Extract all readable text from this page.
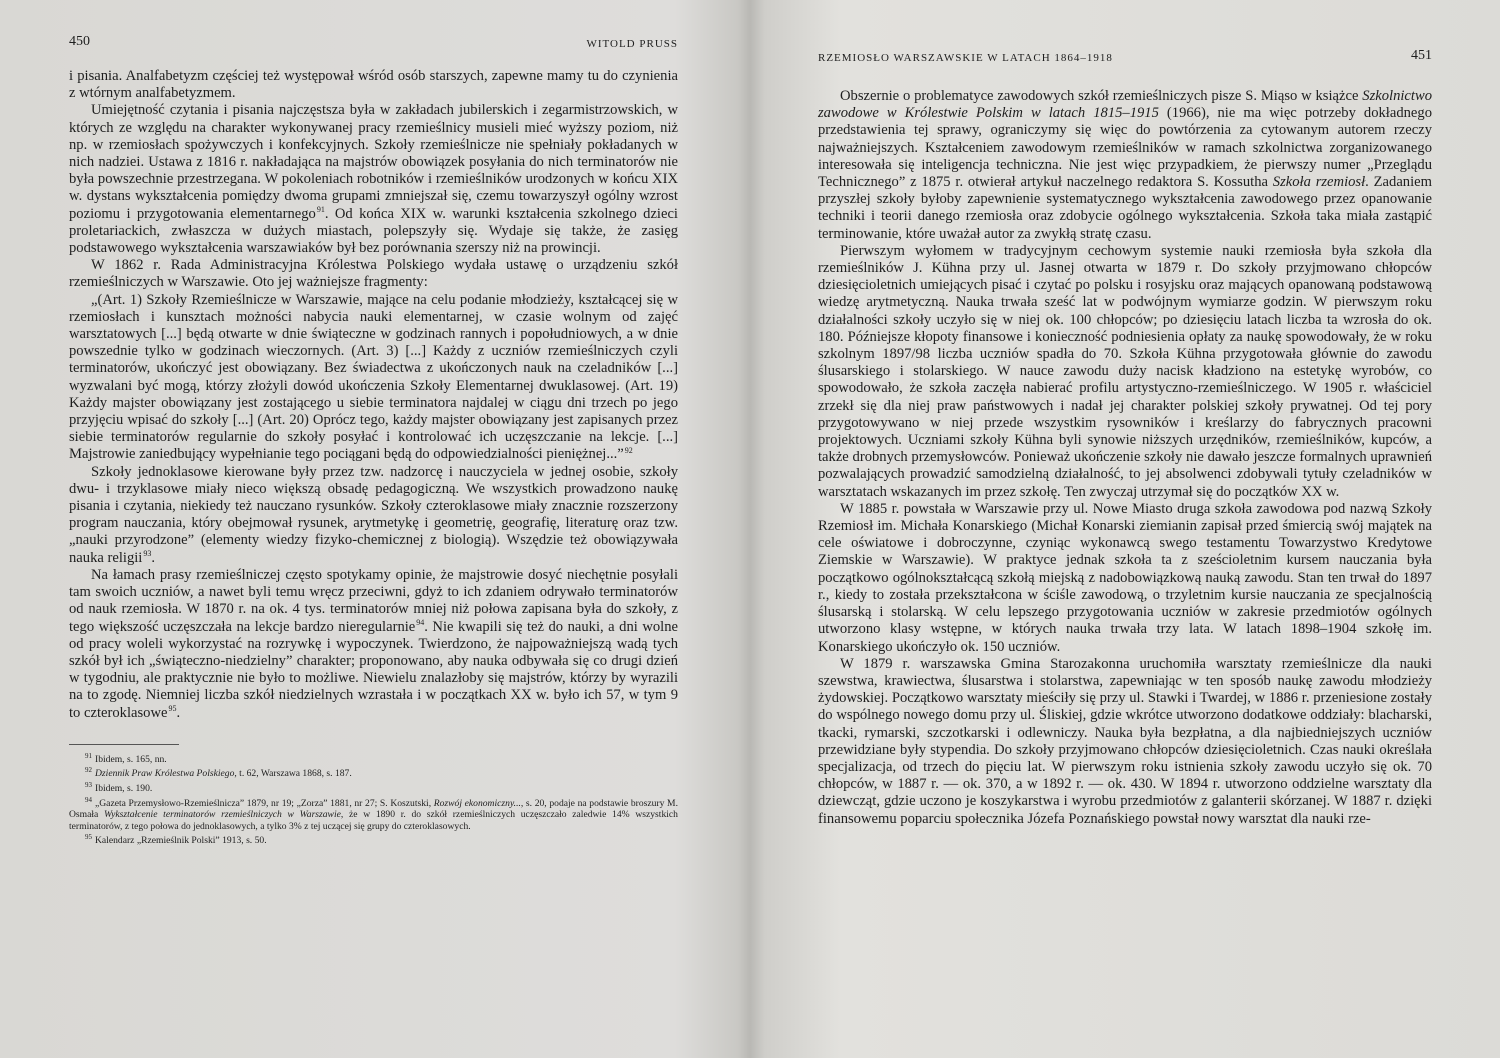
450	WITOLD PRUSS

i pisania. Analfabetyzm częściej też występował wśród osób starszych, zapewne mamy tu do czynienia z wtórnym analfabetyzmem.

Umiejętność czytania i pisania najczęstsza była w zakładach jubilerskich i zegarmistrzowskich, w których ze względu na charakter wykonywanej pracy rzemieślnicy musieli mieć wyższy poziom, niż np. w rzemiosłach spożywczych i konfekcyjnych. Szkoły rzemieślnicze nie spełniały pokładanych w nich nadziei. Ustawa z 1816 r. nakładająca na majstrów obowiązek posyłania do nich terminatorów nie była powszechnie przestrzegana. W pokoleniach robotników i rzemieślników urodzonych w końcu XIX w. dystans wykształcenia pomiędzy dwoma grupami zmniejszał się, czemu towarzyszył ogólny wzrost poziomu i przygotowania elementarnego$^{91}$. Od końca XIX w. warunki kształcenia szkolnego dzieci proletariackich, zwłaszcza w dużych miastach, polepszyły się. Wydaje się także, że zasięg podstawowego wykształcenia warszawiaków był bez porównania szerszy niż na prowincji.

W 1862 r. Rada Administracyjna Królestwa Polskiego wydała ustawę o urządzeniu szkół rzemieślniczych w Warszawie. Oto jej ważniejsze fragmenty:

„(Art. 1) Szkoły Rzemieślnicze w Warszawie, mające na celu podanie młodzieży, kształcącej się w rzemiosłach i kunsztach możności nabycia nauki elementarnej, w czasie wolnym od zajęć warsztatowych [...] będą otwarte w dnie świąteczne w godzinach rannych i popołudniowych, a w dnie powszednie tylko w godzinach wieczornych. (Art. 3) [...] Każdy z uczniów rzemieślniczych czyli terminatorów, ukończyć jest obowiązany. Bez świadectwa z ukończonych nauk na czeladników [...] wyzwalani być mogą, którzy złożyli dowód ukończenia Szkoły Elementarnej dwuklasowej. (Art. 19) Każdy majster obowiązany jest zostającego u siebie terminatora najdalej w ciągu dni trzech po jego przyjęciu wpisać do szkoły [...] (Art. 20) Oprócz tego, każdy majster obowiązany jest zapisanych przez siebie terminatorów regularnie do szkoły posyłać i kontrolować ich uczęszczanie na lekcje. [...] Majstrowie zaniedbujący wypełnianie tego pociągani będą do odpowiedzialności pieniężnej...”$^{92}$

Szkoły jednoklasowe kierowane były przez tzw. nadzorcę i nauczyciela w jednej osobie, szkoły dwu- i trzyklasowe miały nieco większą obsadę pedagogiczną. We wszystkich prowadzono naukę pisania i czytania, niekiedy też nauczano rysunków. Szkoły czteroklasowe miały znacznie rozszerzony program nauczania, który obejmował rysunek, arytmetykę i geometrię, geografię, literaturę oraz tzw. „nauki przyrodzone” (elementy wiedzy fizyko-chemicznej z biologią). Wszędzie też obowiązywała nauka religii$^{93}$.

Na łamach prasy rzemieślniczej często spotykamy opinie, że majstrowie dosyć niechętnie posyłali tam swoich uczniów, a nawet byli temu wręcz przeciwni, gdyż to ich zdaniem odrywało terminatorów od nauk rzemiosła. W 1870 r. na ok. 4 tys. terminatorów mniej niż połowa zapisana była do szkoły, z tego większość uczęszczała na lekcje bardzo nieregularnie$^{94}$. Nie kwapili się też do nauki, a dni wolne od pracy woleli wykorzystać na rozrywkę i wypoczynek. Twierdzono, że najpoważniejszą wadą tych szkół był ich „świąteczno-niedzielny” charakter; proponowano, aby nauka odbywała się co drugi dzień w tygodniu, ale praktycznie nie było to możliwe. Niewielu znalazłoby się majstrów, którzy by wyrazili na to zgodę. Niemniej liczba szkół niedzielnych wzrastała i w początkach XX w. było ich 57, w tym 9 to czteroklasowe$^{95}$.

$^{91}$ Ibidem, s. 165, nn.

$^{92}$ Dziennik Praw Królestwa Polskiego, t. 62, Warszawa 1868, s. 187.

$^{93}$ Ibidem, s. 190.

$^{94}$ „Gazeta Przemysłowo-Rzemieślnicza” 1879, nr 19; „Zorza” 1881, nr 27; S. Koszutski, Rozwój ekonomiczny..., s. 20, podaje na podstawie broszury M. Osmała Wykształcenie terminatorów rzemieślniczych w Warszawie, że w 1890 r. do szkół rzemieślniczych uczęszczało zaledwie 14% wszystkich terminatorów, z tego połowa do jednoklasowych, a tylko 3% z tej uczącej się grupy do czteroklasowych.

$^{95}$ Kalendarz „Rzemieślnik Polski” 1913, s. 50.

RZEMIOSŁO WARSZAWSKIE W LATACH 1864–1918	451

Obszernie o problematyce zawodowych szkół rzemieślniczych pisze S. Miąso w książce Szkolnictwo zawodowe w Królestwie Polskim w latach 1815–1915 (1966), nie ma więc potrzeby dokładnego przedstawienia tej sprawy, ograniczymy się więc do powtórzenia za cytowanym autorem rzeczy najważniejszych. Kształceniem zawodowym rzemieślników w ramach szkolnictwa zorganizowanego interesowała się inteligencja techniczna. Nie jest więc przypadkiem, że pierwszy numer „Przeglądu Technicznego” z 1875 r. otwierał artykuł naczelnego redaktora S. Kossutha Szkoła rzemiosł. Zadaniem przyszłej szkoły byłoby zapewnienie systematycznego wykształcenia zawodowego przez opanowanie techniki i teorii danego rzemiosła oraz zdobycie ogólnego wykształcenia. Szkoła taka miała zastąpić terminowanie, które uważał autor za zwykłą stratę czasu.

Pierwszym wyłomem w tradycyjnym cechowym systemie nauki rzemiosła była szkoła dla rzemieślników J. Kühna przy ul. Jasnej otwarta w 1879 r. Do szkoły przyjmowano chłopców dziesięcioletnich umiejących pisać i czytać po polsku i rosyjsku oraz mających opanowaną podstawową wiedzę arytmetyczną. Nauka trwała sześć lat w podwójnym wymiarze godzin. W pierwszym roku działalności szkoły uczyło się w niej ok. 100 chłopców; po dziesięciu latach liczba ta wzrosła do ok. 180. Późniejsze kłopoty finansowe i konieczność podniesienia opłaty za naukę spowodowały, że w roku szkolnym 1897/98 liczba uczniów spadła do 70. Szkoła Kühna przygotowała głównie do zawodu ślusarskiego i stolarskiego. W nauce zawodu duży nacisk kładziono na estetykę wyrobów, co spowodowało, że szkoła zaczęła nabierać profilu artystyczno-rzemieślniczego. W 1905 r. właściciel zrzekł się dla niej praw państwowych i nadał jej charakter polskiej szkoły prywatnej. Od tej pory przygotowywano w niej przede wszystkim rysowników i kreślarzy do fabrycznych pracowni projektowych. Uczniami szkoły Kühna byli synowie niższych urzędników, rzemieślników, kupców, a także drobnych przemysłowców. Ponieważ ukończenie szkoły nie dawało jeszcze formalnych uprawnień pozwalających prowadzić samodzielną działalność, to jej absolwenci zdobywali tytuły czeladników w warsztatach wskazanych im przez szkołę. Ten zwyczaj utrzymał się do początków XX w.

W 1885 r. powstała w Warszawie przy ul. Nowe Miasto druga szkoła zawodowa pod nazwą Szkoły Rzemiosł im. Michała Konarskiego (Michał Konarski ziemianin zapisał przed śmiercią swój majątek na cele oświatowe i dobroczynne, czyniąc wykonawcą swego testamentu Towarzystwo Kredytowe Ziemskie w Warszawie). W praktyce jednak szkoła ta z sześcioletnim kursem nauczania była początkowo ogólnokształcącą szkołą miejską z nadobowiązkową nauką zawodu. Stan ten trwał do 1897 r., kiedy to została przekształcona w ściśle zawodową, o trzyletnim kursie nauczania ze specjalnością ślusarską i stolarską. W celu lepszego przygotowania uczniów w zakresie przedmiotów ogólnych utworzono klasy wstępne, w których nauka trwała trzy lata. W latach 1898–1904 szkołę im. Konarskiego ukończyło ok. 150 uczniów.

W 1879 r. warszawska Gmina Starozakonna uruchomiła warsztaty rzemieślnicze dla nauki szewstwa, krawiectwa, ślusarstwa i stolarstwa, zapewniając w ten sposób naukę zawodu młodzieży żydowskiej. Początkowo warsztaty mieściły się przy ul. Stawki i Twardej, w 1886 r. przeniesione zostały do wspólnego nowego domu przy ul. Śliskiej, gdzie wkrótce utworzono dodatkowe oddziały: blacharski, tkacki, rymarski, szczotkarski i odlewniczy. Nauka była bezpłatna, a dla najbiedniejszych uczniów przewidziane były stypendia. Do szkoły przyjmowano chłopców dziesięcioletnich. Czas nauki określała specjalizacja, od trzech do pięciu lat. W pierwszym roku istnienia szkoły zawodu uczyło się ok. 70 chłopców, w 1887 r. — ok. 370, a w 1892 r. — ok. 430. W 1894 r. utworzono oddzielne warsztaty dla dziewcząt, gdzie uczono je koszykarstwa i wyrobu przedmiotów z galanterii skórzanej. W 1887 r. dzięki finansowemu poparciu społecznika Józefa Poznańskiego powstał nowy warsztat dla nauki rze-
